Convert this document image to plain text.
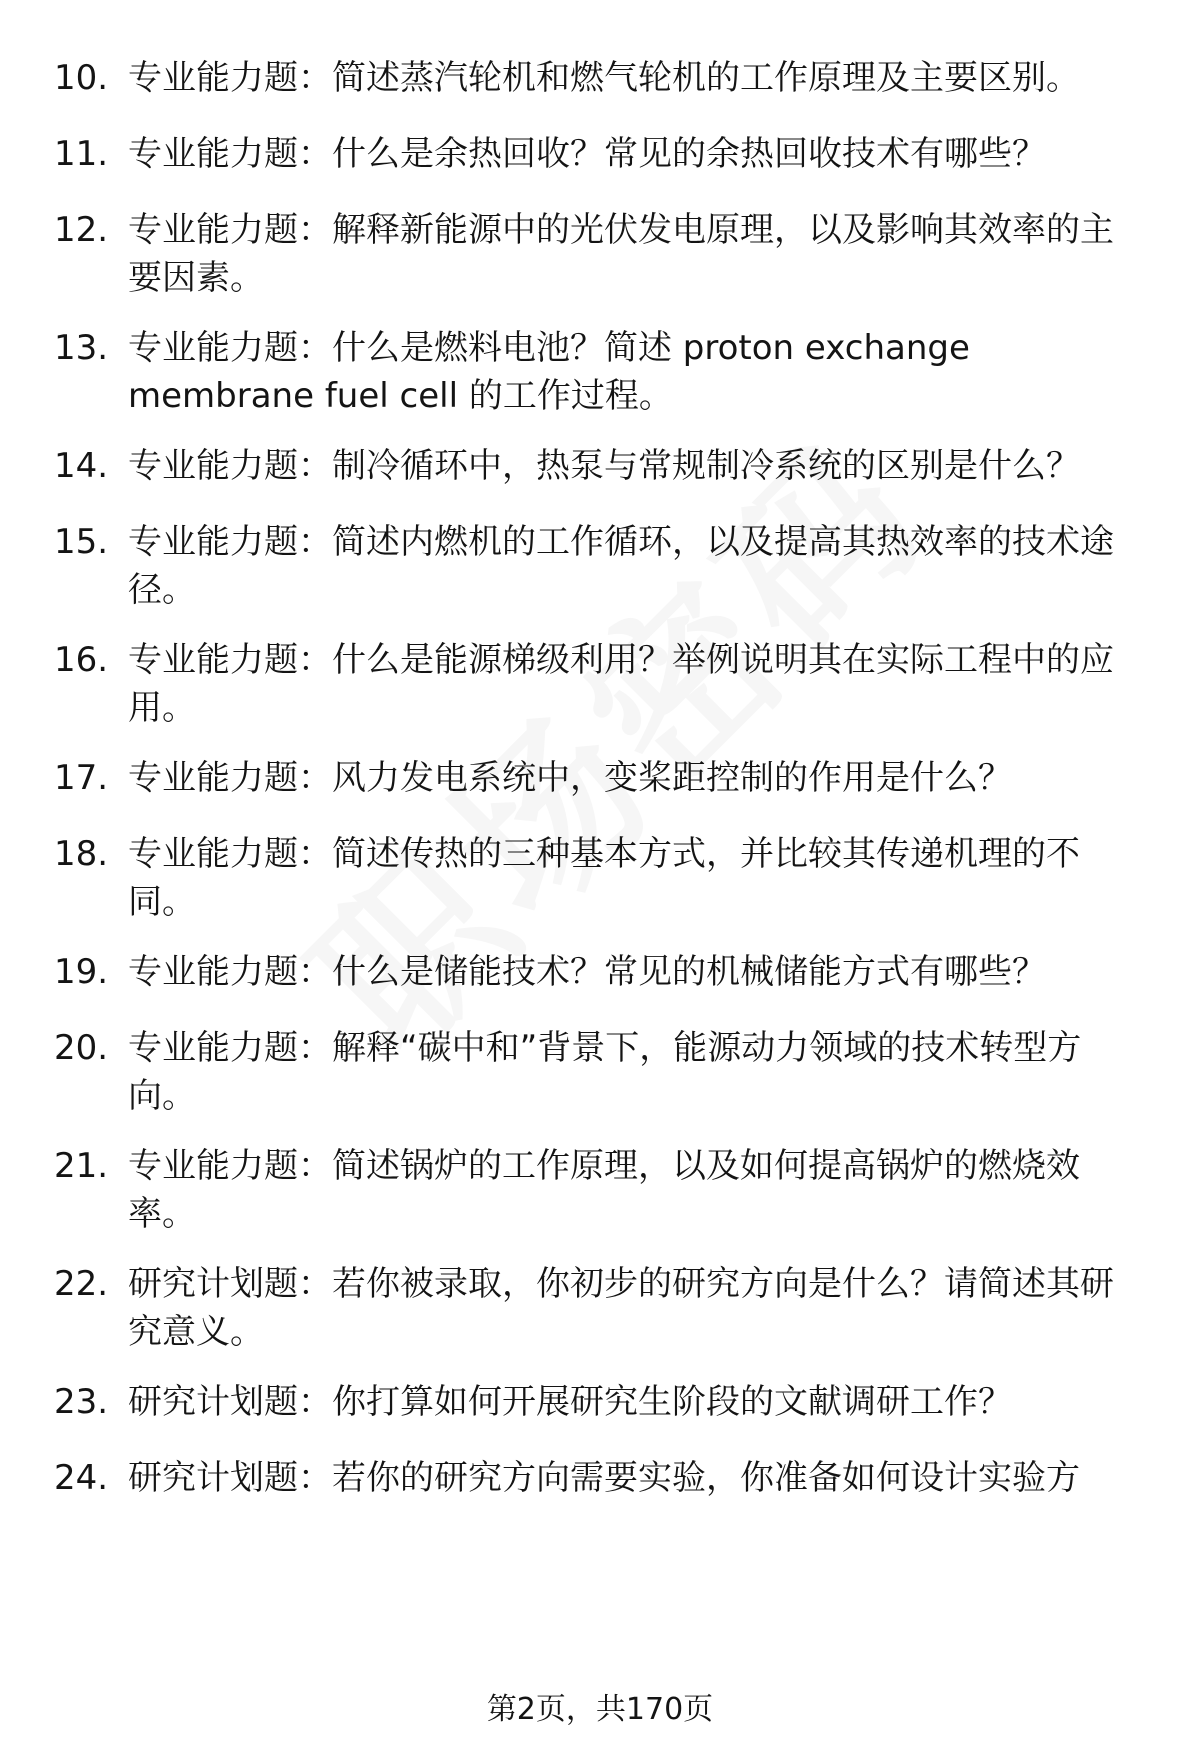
10. 专业能力题：简述蒸汽轮机和燃气轮机的工作原理及主要区别。
11. 专业能力题：什么是余热回收？常见的余热回收技术有哪些？
12. 专业能力题：解释新能源中的光伏发电原理，以及影响其效率的主要因素。
13. 专业能力题：什么是燃料电池？简述 proton exchange membrane fuel cell 的工作过程。
14. 专业能力题：制冷循环中，热泵与常规制冷系统的区别是什么？
15. 专业能力题：简述内燃机的工作循环，以及提高其热效率的技术途径。
16. 专业能力题：什么是能源梯级利用？举例说明其在实际工程中的应用。
17. 专业能力题：风力发电系统中，变桨距控制的作用是什么？
18. 专业能力题：简述传热的三种基本方式，并比较其传递机理的不同。
19. 专业能力题：什么是储能技术？常见的机械储能方式有哪些？
20. 专业能力题：解释“碳中和”背景下，能源动力领域的技术转型方向。
21. 专业能力题：简述锅炉的工作原理，以及如何提高锅炉的燃烧效率。
22. 研究计划题：若你被录取，你初步的研究方向是什么？请简述其研究意义。
23. 研究计划题：你打算如何开展研究生阶段的文献调研工作？
24. 研究计划题：若你的研究方向需要实验，你准备如何设计实验方
第2页，共170页
